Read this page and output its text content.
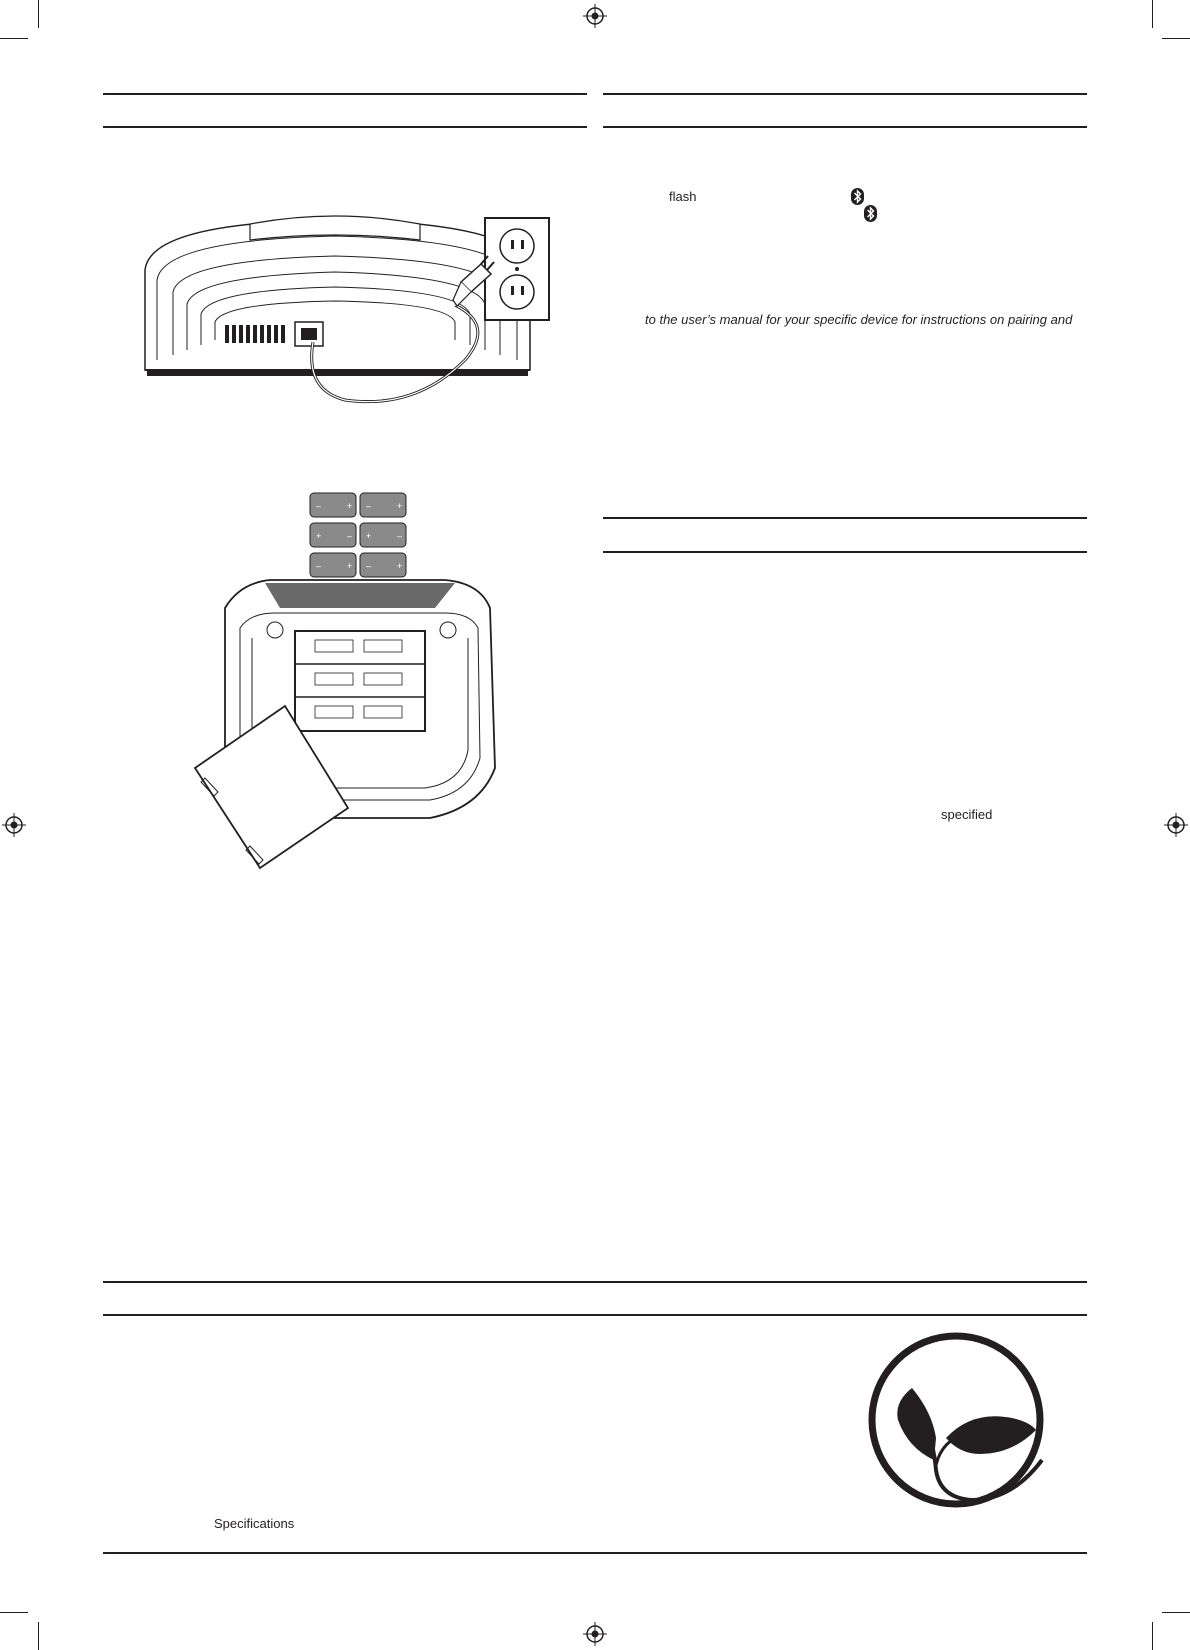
flash
to the user’s manual for your specific device for instructions on pairing and
specified
Specifications
–	+ –	+
+	– +	–
–	+ –	+
